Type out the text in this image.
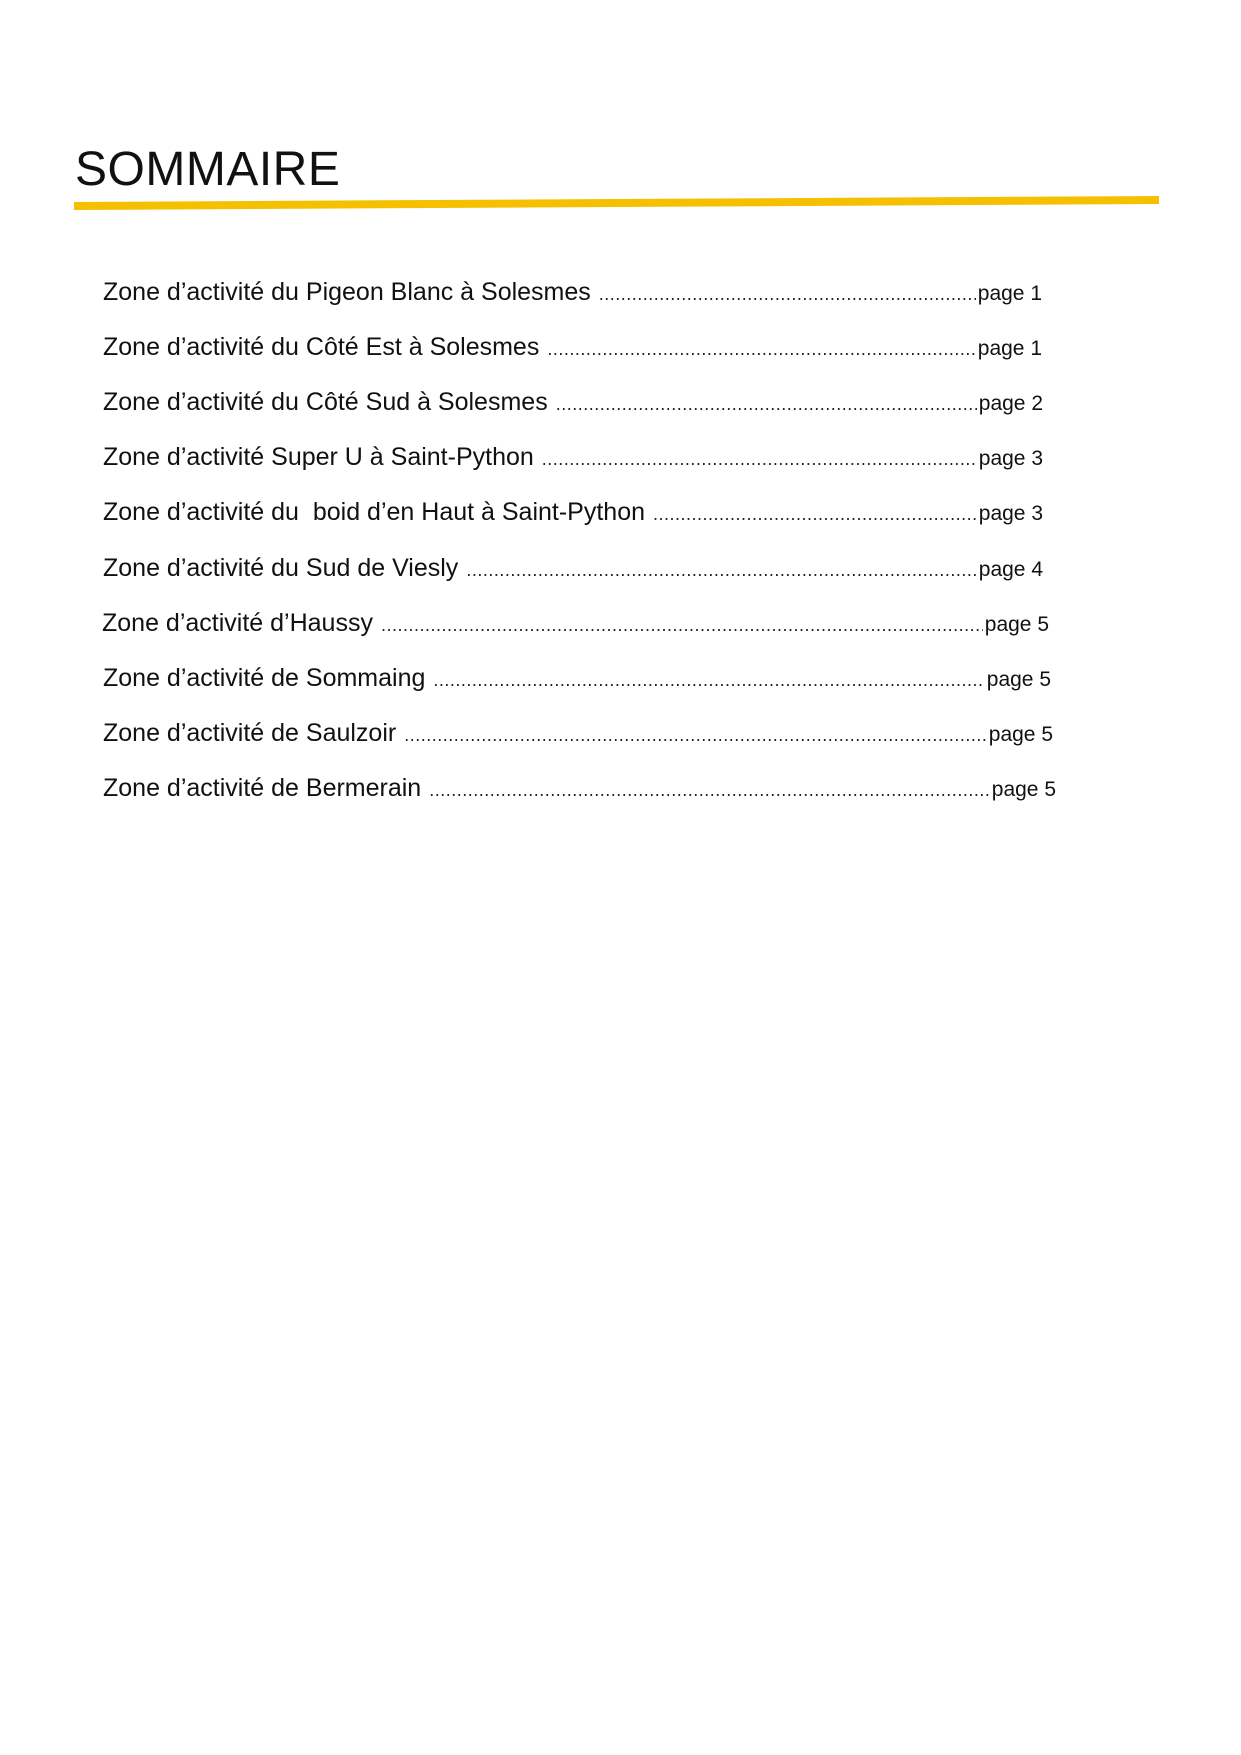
SOMMAIRE
Zone d’activité du Pigeon Blanc à Solesmes .....	page 1
Zone d’activité du Côté Est à Solesmes .....	page 1
Zone d’activité du Côté Sud à Solesmes .....	page 2
Zone d’activité Super U à Saint-Python .....	page 3
Zone d’activité du  boid d’en Haut à Saint-Python .....	page 3
Zone d’activité du Sud de Viesly .....	page 4
Zone d’activité d’Haussy .....	page 5
Zone d’activité de Sommaing .....	page 5
Zone d’activité de Saulzoir .....	page 5
Zone d’activité de Bermerain .....	page 5
